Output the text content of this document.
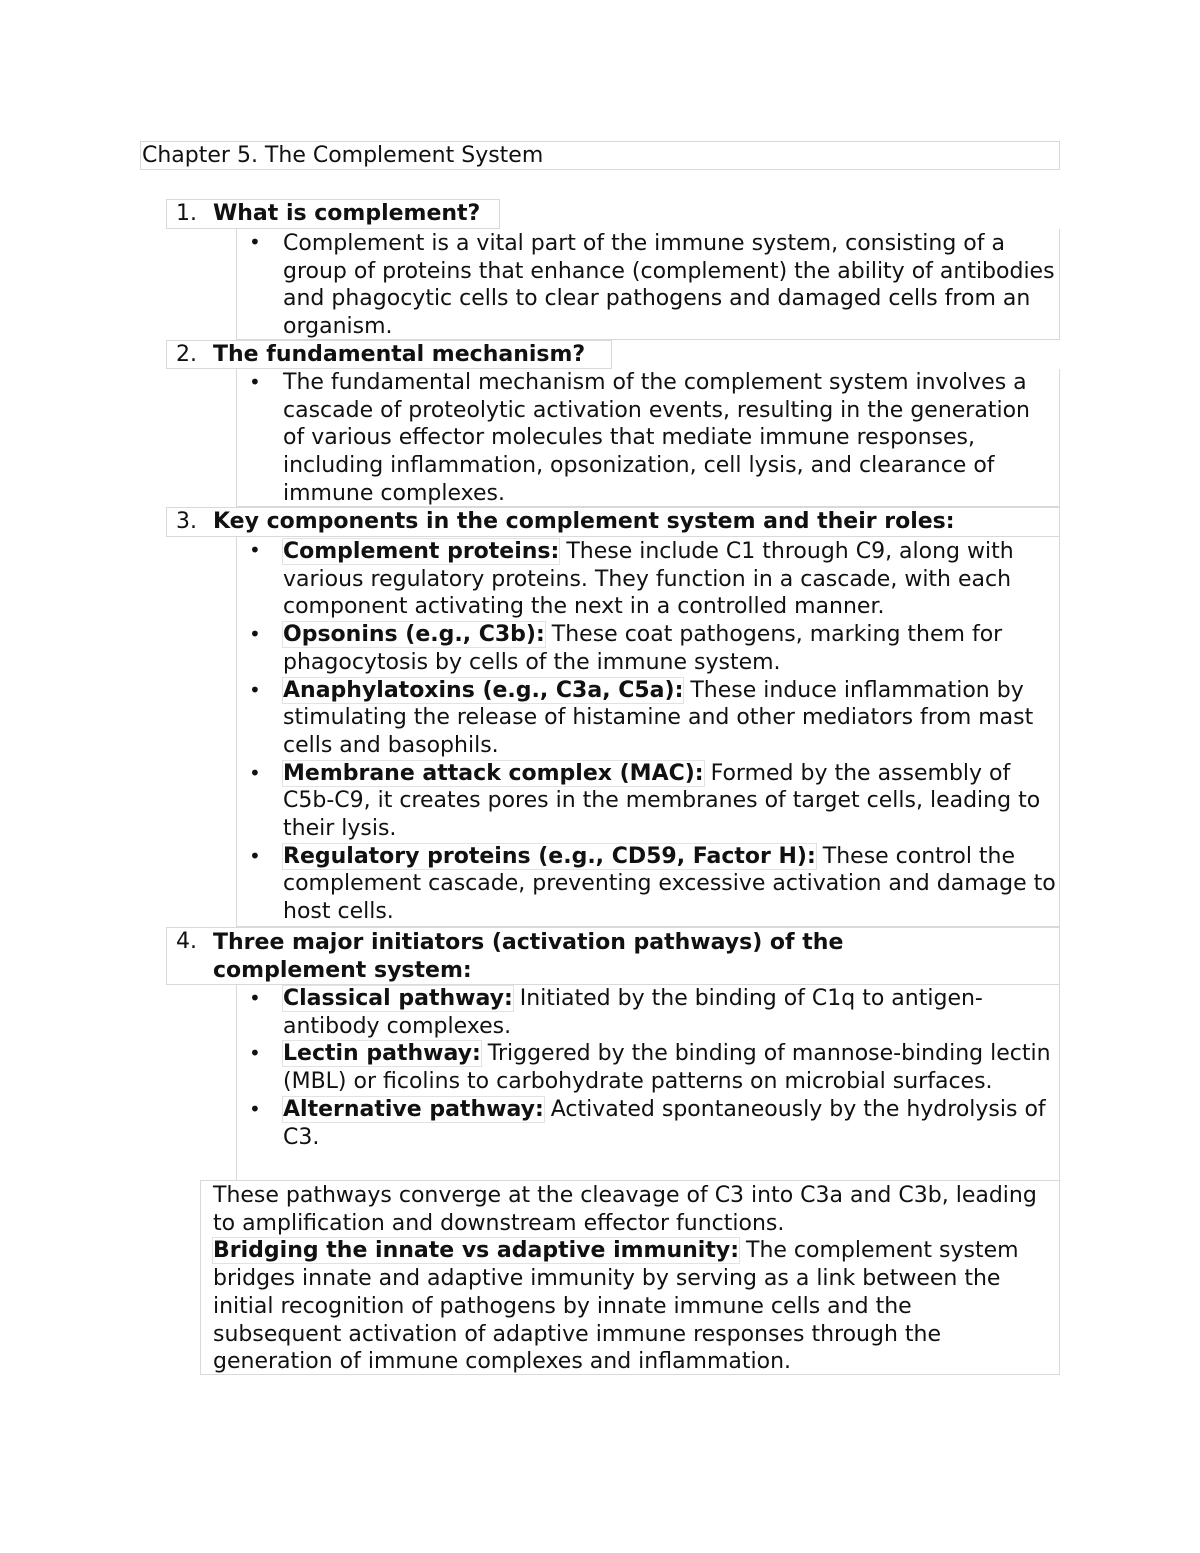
Chapter 5. The Complement System
1. What is complement?
• Complement is a vital part of the immune system, consisting of a group of proteins that enhance (complement) the ability of antibodies and phagocytic cells to clear pathogens and damaged cells from an organism.
2. The fundamental mechanism?
• The fundamental mechanism of the complement system involves a cascade of proteolytic activation events, resulting in the generation of various effector molecules that mediate immune responses, including inflammation, opsonization, cell lysis, and clearance of immune complexes.
3. Key components in the complement system and their roles:
• Complement proteins: These include C1 through C9, along with various regulatory proteins. They function in a cascade, with each component activating the next in a controlled manner.
• Opsonins (e.g., C3b): These coat pathogens, marking them for phagocytosis by cells of the immune system.
• Anaphylatoxins (e.g., C3a, C5a): These induce inflammation by stimulating the release of histamine and other mediators from mast cells and basophils.
• Membrane attack complex (MAC): Formed by the assembly of C5b-C9, it creates pores in the membranes of target cells, leading to their lysis.
• Regulatory proteins (e.g., CD59, Factor H): These control the complement cascade, preventing excessive activation and damage to host cells.
4. Three major initiators (activation pathways) of the
complement system:
• Classical pathway: Initiated by the binding of C1q to antigen-antibody complexes.
• Lectin pathway: Triggered by the binding of mannose-binding lectin (MBL) or ficolins to carbohydrate patterns on microbial surfaces.
• Alternative pathway: Activated spontaneously by the hydrolysis of C3.

These pathways converge at the cleavage of C3 into C3a and C3b, leading to amplification and downstream effector functions.

Bridging the innate vs adaptive immunity: The complement system bridges innate and adaptive immunity by serving as a link between the initial recognition of pathogens by innate immune cells and the subsequent activation of adaptive immune responses through the generation of immune complexes and inflammation.
